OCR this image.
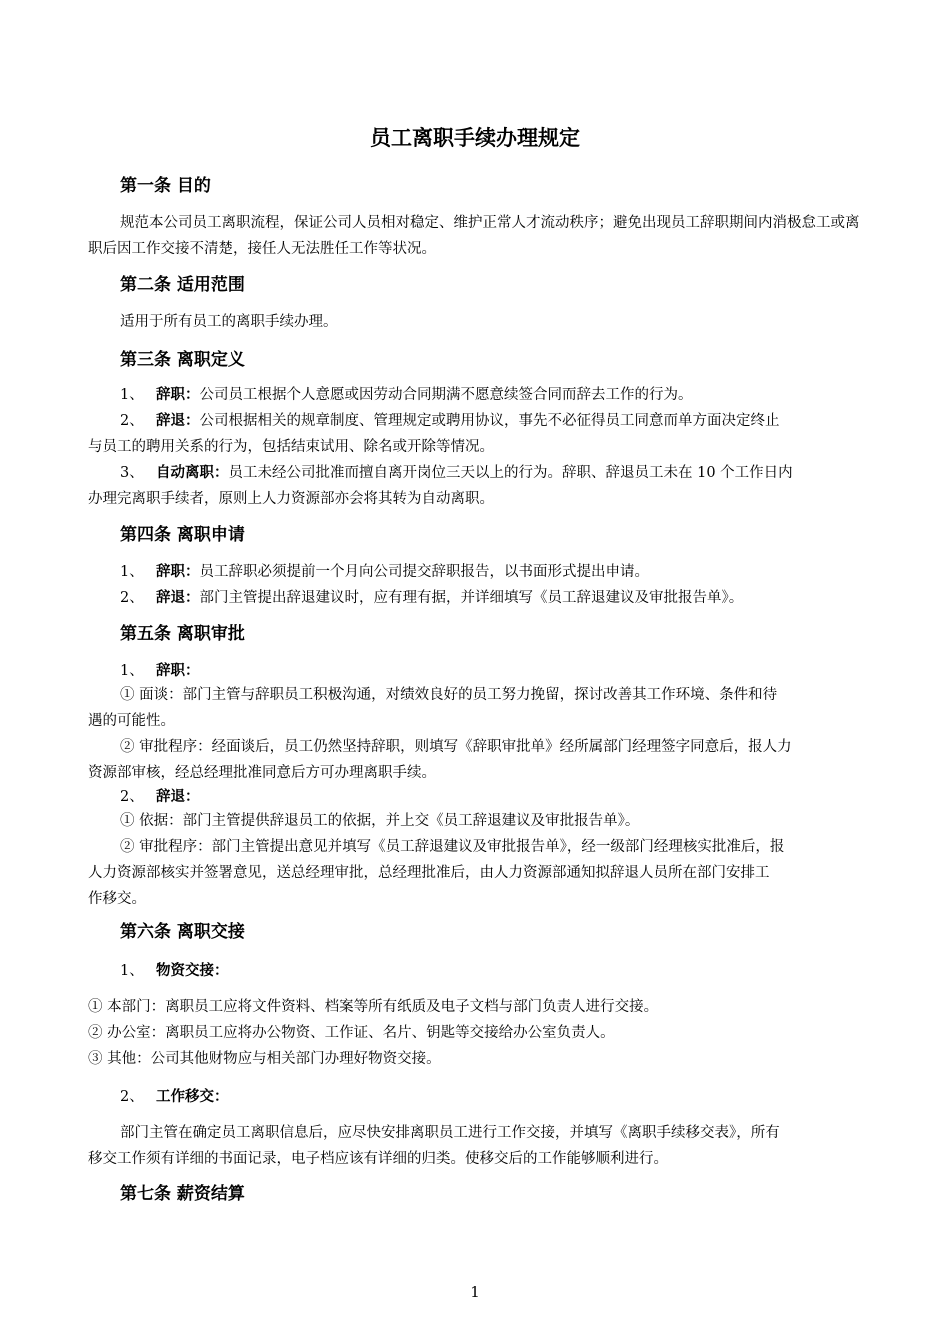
员工离职手续办理规定
第一条 目的
规范本公司员工离职流程，保证公司人员相对稳定、维护正常人才流动秩序；避免出现员工辞职期间内消极怠工或离职后因工作交接不清楚，接任人无法胜任工作等状况。
第二条 适用范围
适用于所有员工的离职手续办理。
第三条 离职定义
1、 辞职：公司员工根据个人意愿或因劳动合同期满不愿意续签合同而辞去工作的行为。
2、 辞退：公司根据相关的规章制度、管理规定或聘用协议，事先不必征得员工同意而单方面决定终止
与员工的聘用关系的行为，包括结束试用、除名或开除等情况。
3、 自动离职：员工未经公司批准而擅自离开岗位三天以上的行为。辞职、辞退员工未在 10 个工作日内
办理完离职手续者，原则上人力资源部亦会将其转为自动离职。
第四条 离职申请
1、 辞职：员工辞职必须提前一个月向公司提交辞职报告，以书面形式提出申请。
2、 辞退：部门主管提出辞退建议时，应有理有据，并详细填写《员工辞退建议及审批报告单》。
第五条 离职审批
1、 辞职：
① 面谈：部门主管与辞职员工积极沟通，对绩效良好的员工努力挽留，探讨改善其工作环境、条件和待
遇的可能性。
② 审批程序：经面谈后，员工仍然坚持辞职，则填写《辞职审批单》经所属部门经理签字同意后，报人力
资源部审核，经总经理批准同意后方可办理离职手续。
2、 辞退：
① 依据：部门主管提供辞退员工的依据，并上交《员工辞退建议及审批报告单》。
② 审批程序：部门主管提出意见并填写《员工辞退建议及审批报告单》，经一级部门经理核实批准后，报
人力资源部核实并签署意见，送总经理审批，总经理批准后，由人力资源部通知拟辞退人员所在部门安排工
作移交。
第六条 离职交接
1、 物资交接：
① 本部门：离职员工应将文件资料、档案等所有纸质及电子文档与部门负责人进行交接。
② 办公室：离职员工应将办公物资、工作证、名片、钥匙等交接给办公室负责人。
③ 其他：公司其他财物应与相关部门办理好物资交接。
2、 工作移交：
部门主管在确定员工离职信息后，应尽快安排离职员工进行工作交接，并填写《离职手续移交表》，所有
移交工作须有详细的书面记录，电子档应该有详细的归类。使移交后的工作能够顺利进行。
第七条 薪资结算
1
